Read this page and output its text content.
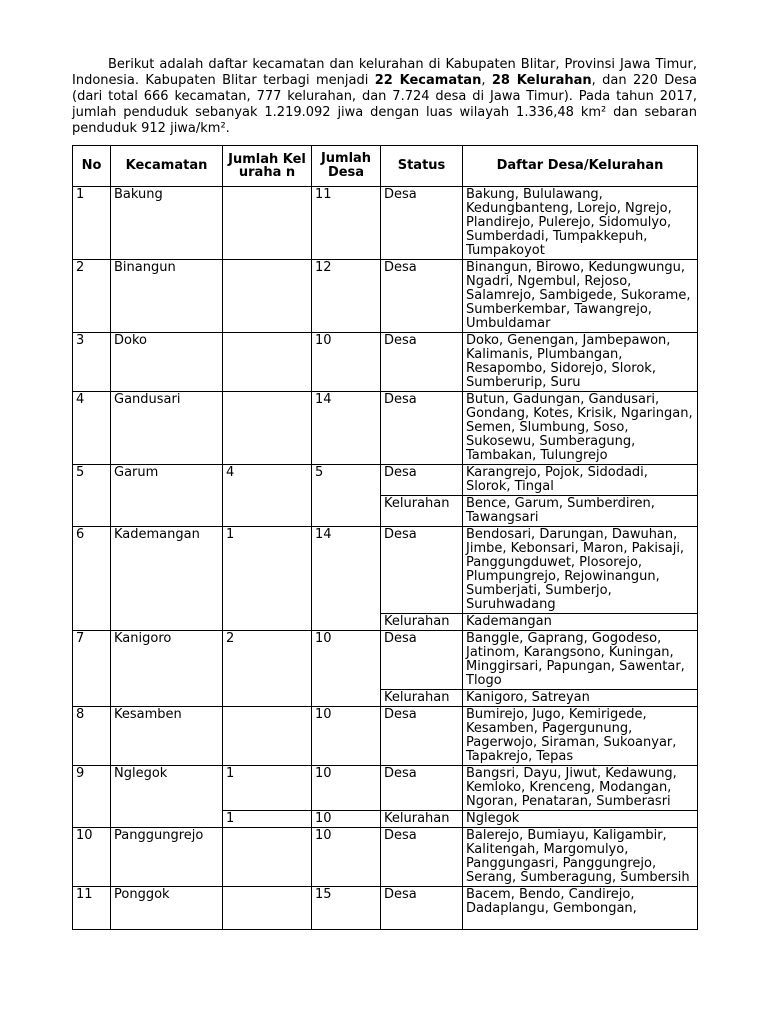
Berikut adalah daftar kecamatan dan kelurahan di Kabupaten Blitar, Provinsi Jawa Timur, Indonesia. Kabupaten Blitar terbagi menjadi 22 Kecamatan, 28 Kelurahan, dan 220 Desa (dari total 666 kecamatan, 777 kelurahan, dan 7.724 desa di Jawa Timur). Pada tahun 2017, jumlah penduduk sebanyak 1.219.092 jiwa dengan luas wilayah 1.336,48 km² dan sebaran penduduk 912 jiwa/km².

No	Kecamatan	Jumlah Keluraha n	Jumlah Desa	Status	Daftar Desa/Kelurahan
1	Bakung		11	Desa	Bakung, Bululawang, Kedungbanteng, Lorejo, Ngrejo, Plandirejo, Pulerejo, Sidomulyo, Sumberdadi, Tumpakkepuh, Tumpakoyot
2	Binangun		12	Desa	Binangun, Birowo, Kedungwungu, Ngadri, Ngembul, Rejoso, Salamrejo, Sambigede, Sukorame, Sumberkembar, Tawangrejo, Umbuldamar
3	Doko		10	Desa	Doko, Genengan, Jambepawon, Kalimanis, Plumbangan, Resapombo, Sidorejo, Slorok, Sumberurip, Suru
4	Gandusari		14	Desa	Butun, Gadungan, Gandusari, Gondang, Kotes, Krisik, Ngaringan, Semen, Slumbung, Soso, Sukosewu, Sumberagung, Tambakan, Tulungrejo
5	Garum	4	5	Desa	Karangrejo, Pojok, Sidodadi, Slorok, Tingal
				Kelurahan	Bence, Garum, Sumberdiren, Tawangsari
6	Kademangan	1	14	Desa	Bendosari, Darungan, Dawuhan, Jimbe, Kebonsari, Maron, Pakisaji, Panggungduwet, Plosorejo, Plumpungrejo, Rejowinangun, Sumberjati, Sumberjo, Suruhwadang
				Kelurahan	Kademangan
7	Kanigoro	2	10	Desa	Banggle, Gaprang, Gogodeso, Jatinom, Karangsono, Kuningan, Minggirsari, Papungan, Sawentar, Tlogo
				Kelurahan	Kanigoro, Satreyan
8	Kesamben		10	Desa	Bumirejo, Jugo, Kemirigede, Kesamben, Pagergunung, Pagerwojo, Siraman, Sukoanyar, Tapakrejo, Tepas
9	Nglegok	1	10	Desa	Bangsri, Dayu, Jiwut, Kedawung, Kemloko, Krenceng, Modangan, Ngoran, Penataran, Sumberasri
		1	10	Kelurahan	Nglegok
10	Panggungrejo		10	Desa	Balerejo, Bumiayu, Kaligambir, Kalitengah, Margomulyo, Panggungasri, Panggungrejo, Serang, Sumberagung, Sumbersih
11	Ponggok		15	Desa	Bacem, Bendo, Candirejo, Dadaplangu, Gembongan,
